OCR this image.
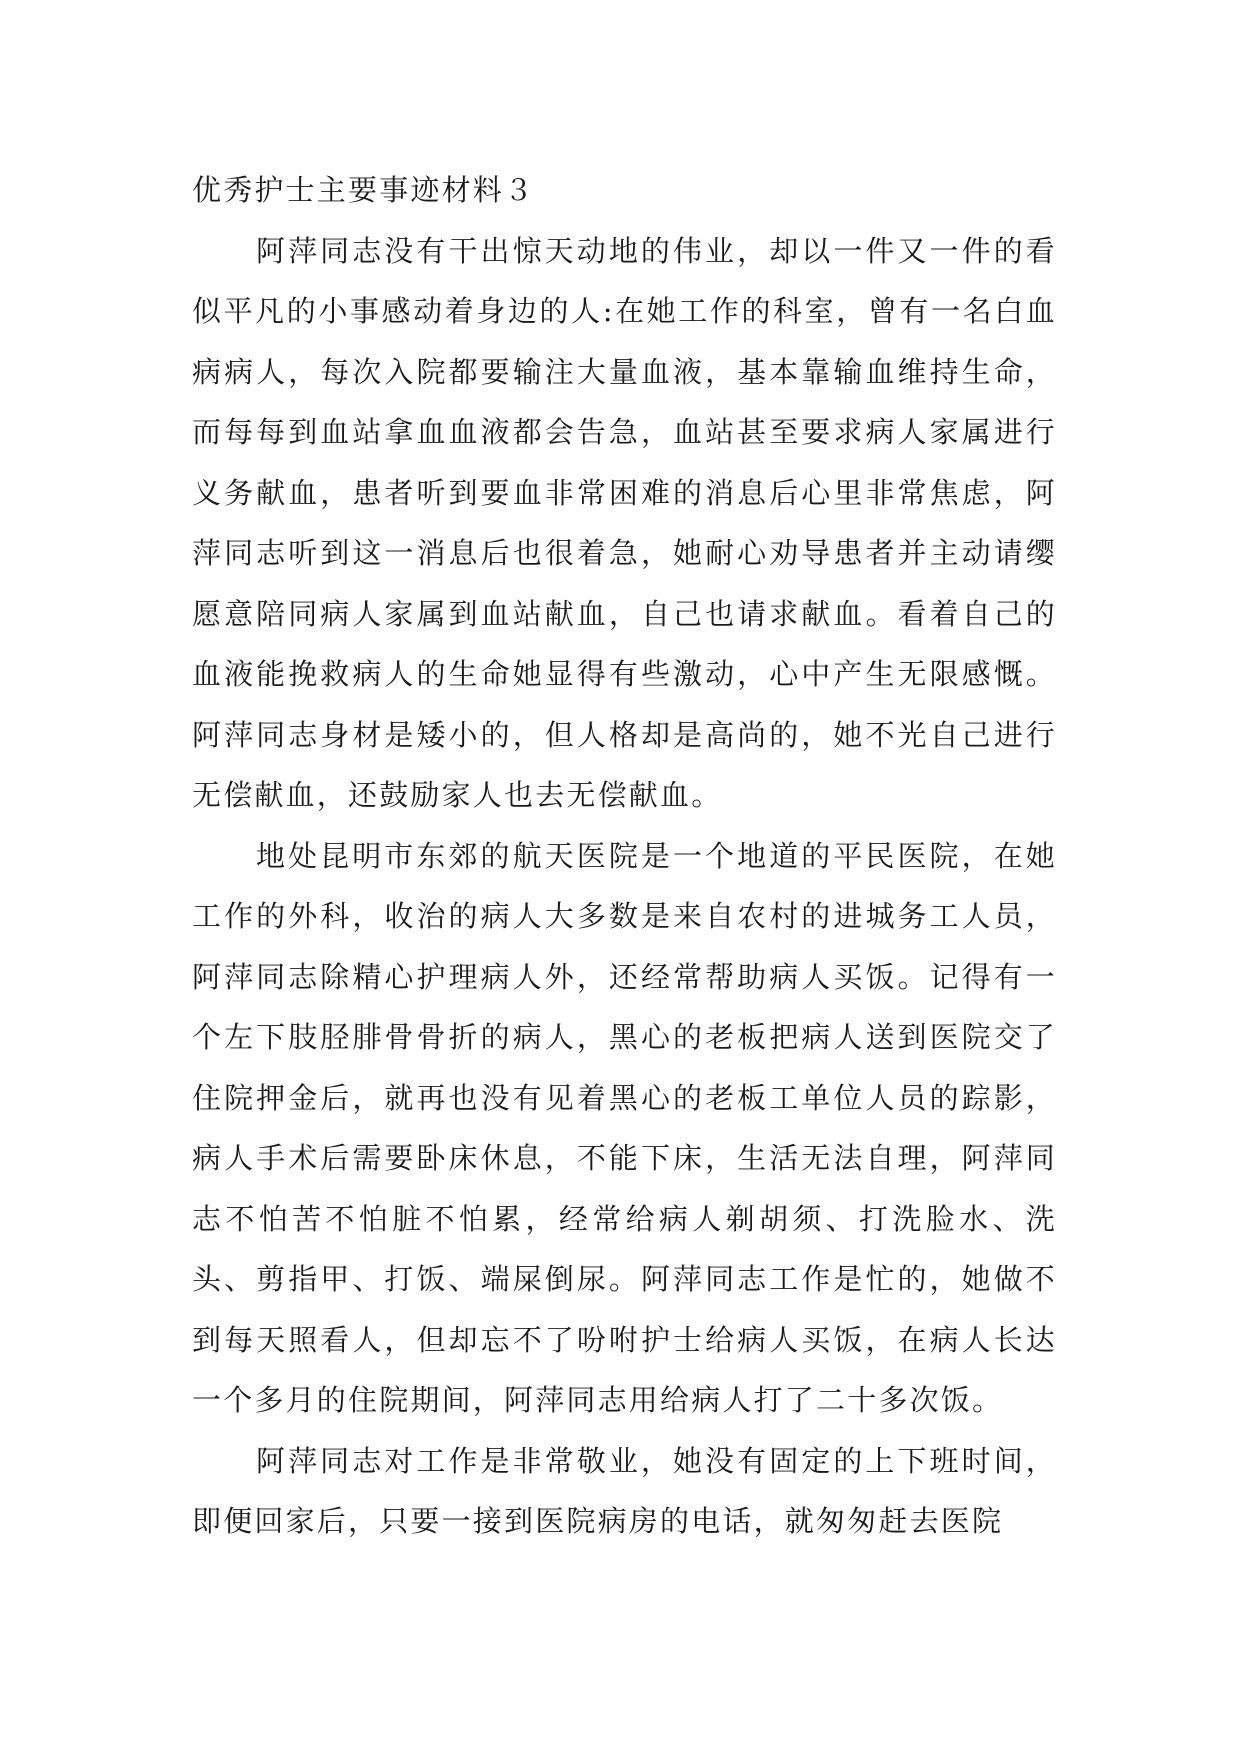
优秀护士主要事迹材料３

阿萍同志没有干出惊天动地的伟业，却以一件又一件的看似平凡的小事感动着身边的人:在她工作的科室，曾有一名白血病病人，每次入院都要输注大量血液，基本靠输血维持生命，而每每到血站拿血血液都会告急，血站甚至要求病人家属进行义务献血，患者听到要血非常困难的消息后心里非常焦虑，阿萍同志听到这一消息后也很着急，她耐心劝导患者并主动请缨愿意陪同病人家属到血站献血，自己也请求献血。看着自己的血液能挽救病人的生命她显得有些激动，心中产生无限感慨。阿萍同志身材是矮小的，但人格却是高尚的，她不光自己进行无偿献血，还鼓励家人也去无偿献血。

地处昆明市东郊的航天医院是一个地道的平民医院，在她工作的外科，收治的病人大多数是来自农村的进城务工人员，阿萍同志除精心护理病人外，还经常帮助病人买饭。记得有一个左下肢胫腓骨骨折的病人，黑心的老板把病人送到医院交了住院押金后，就再也没有见着黑心的老板工单位人员的踪影，病人手术后需要卧床休息，不能下床，生活无法自理，阿萍同志不怕苦不怕脏不怕累，经常给病人剃胡须、打洗脸水、洗头、剪指甲、打饭、端屎倒尿。阿萍同志工作是忙的，她做不到每天照看人，但却忘不了吩咐护士给病人买饭，在病人长达一个多月的住院期间，阿萍同志用给病人打了二十多次饭。

阿萍同志对工作是非常敬业，她没有固定的上下班时间，即便回家后，只要一接到医院病房的电话，就匆匆赶去医院
